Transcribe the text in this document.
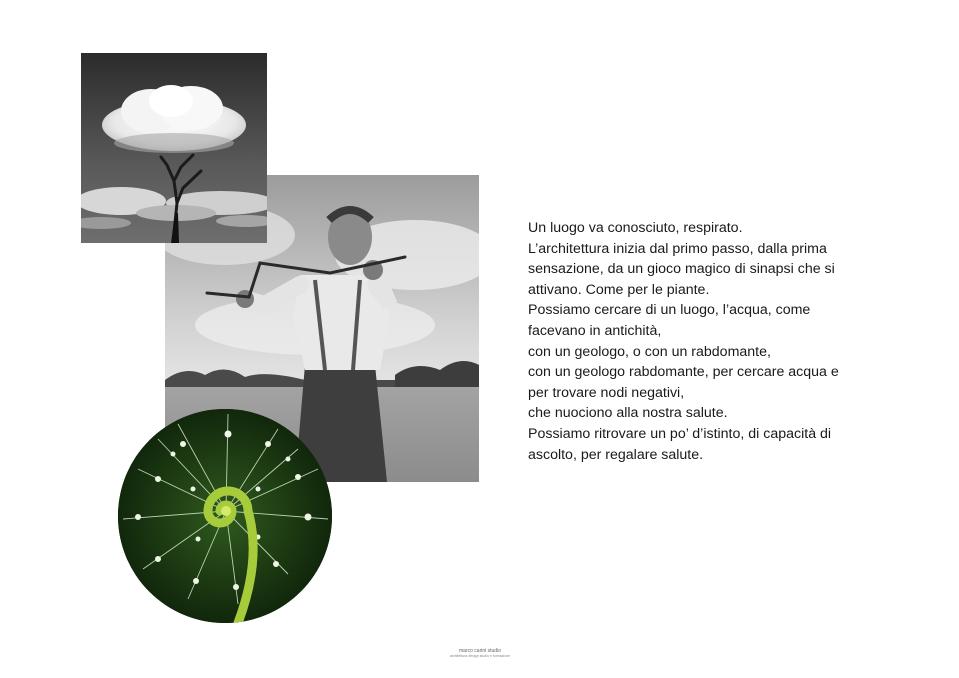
Un luogo va conosciuto, respirato.

L’architettura inizia dal primo passo, dalla prima

sensazione, da un gioco magico di sinapsi che si

attivano. Come per le piante.

Possiamo cercare di un luogo, l’acqua, come

facevano in antichità,

con un geologo, o con un rabdomante,

con un geologo rabdomante, per cercare acqua e

per trovare nodi negativi,

che nuociono alla nostra salute.

Possiamo ritrovare un po’ d’istinto, di capacità di

ascolto, per regalare salute.

marco carini studio
architettura design studio e formazione
